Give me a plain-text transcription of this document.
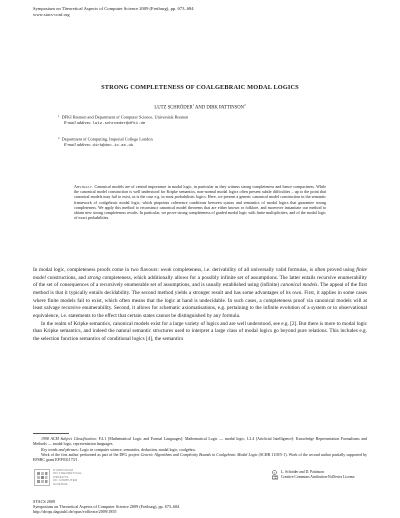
Symposium on Theoretical Aspects of Computer Science 2009 (Freiburg), pp. 673–684
www.stacs-conf.org
STRONG COMPLETENESS OF COALGEBRAIC MODAL LOGICS
LUTZ SCHRÖDER$^1$ AND DIRK PATTINSON$^2$
$^1$ DFKI Bremen and Department of Computer Science, Universität Bremen
E-mail address: lutz.schroeder@dfki.de
$^2$ Department of Computing, Imperial College London
E-mail address: dirk@doc.ic.ac.uk
Abstract. Canonical models are of central importance in modal logic, in particular as they witness strong completeness and hence compactness. While the canonical model construction is well understood for Kripke semantics, non-normal modal logics often present subtle difficulties – up to the point that canonical models may fail to exist, as is the case e.g. in most probabilistic logics. Here, we present a generic canonical model construction in the semantic framework of coalgebraic modal logic, which pinpoints coherence conditions between syntax and semantics of modal logics that guarantee strong completeness. We apply this method to reconstruct canonical model theorems that are either known or folklore, and moreover instantiate our method to obtain new strong completeness results. In particular, we prove strong completeness of graded modal logic with finite multiplicities, and of the modal logic of exact probabilities.

In modal logic, completeness proofs come in two flavours: weak completeness, i.e. derivability of all universally valid formulas, is often proved using finite model constructions, and strong completeness, which additionally allows for a possibly infinite set of assumptions. The latter entails recursive enumerability of the set of consequences of a recursively enumerable set of assumptions, and is usually established using (infinite) canonical models. The appeal of the first method is that it typically entails decidability. The second method yields a stronger result and has some advantages of its own. First, it applies in some cases where finite models fail to exist, which often means that the logic at hand is undecidable. In such cases, a completeness proof via canonical models will at least salvage recursive enumerability. Second, it allows for schematic axiomatisations, e.g. pertaining to the infinite evolution of a system or to observational equivalence, i.e. statements to the effect that certain states cannot be distinguished by any formula.

In the realm of Kripke semantics, canonical models exist for a large variety of logics and are well understood, see e.g. [2]. But there is more to modal logic than Kripke semantics, and indeed the natural semantic structures used to interpret a large class of modal logics go beyond pure relations. This includes e.g. the selection function semantics of conditional logics [4], the semantics

1998 ACM Subject Classification: F.4.1 [Mathematical Logic and Formal Languages]: Mathematical Logic — modal logic; I.2.4 [Artificial Intelligence]: Knowledge Representation Formalisms and Methods — modal logic, representation languages.

Key words and phrases: Logic in computer science, semantics, deduction, modal logic, coalgebra.

Work of the first author performed as part of the DFG project Generic Algorithms and Complexity Bounds in Coalgebraic Modal Logic (SCHR 1118/5-1). Work of the second author partially supported by EPSRC grant EP/F031173/1.

SYMPOSIUM
ON THEORETICAL
ASPECTS
OF COMPUTER
SCIENCE
c L. Schröder and D. Pattinson
Creative Commons Attribution-NoDerivs License
STACS 2009
Symposium on Theoretical Aspects of Computer Science 2009 (Freiburg), pp. 673–684
http://drops.dagstuhl.de/opus/volltexte/2009/1855
